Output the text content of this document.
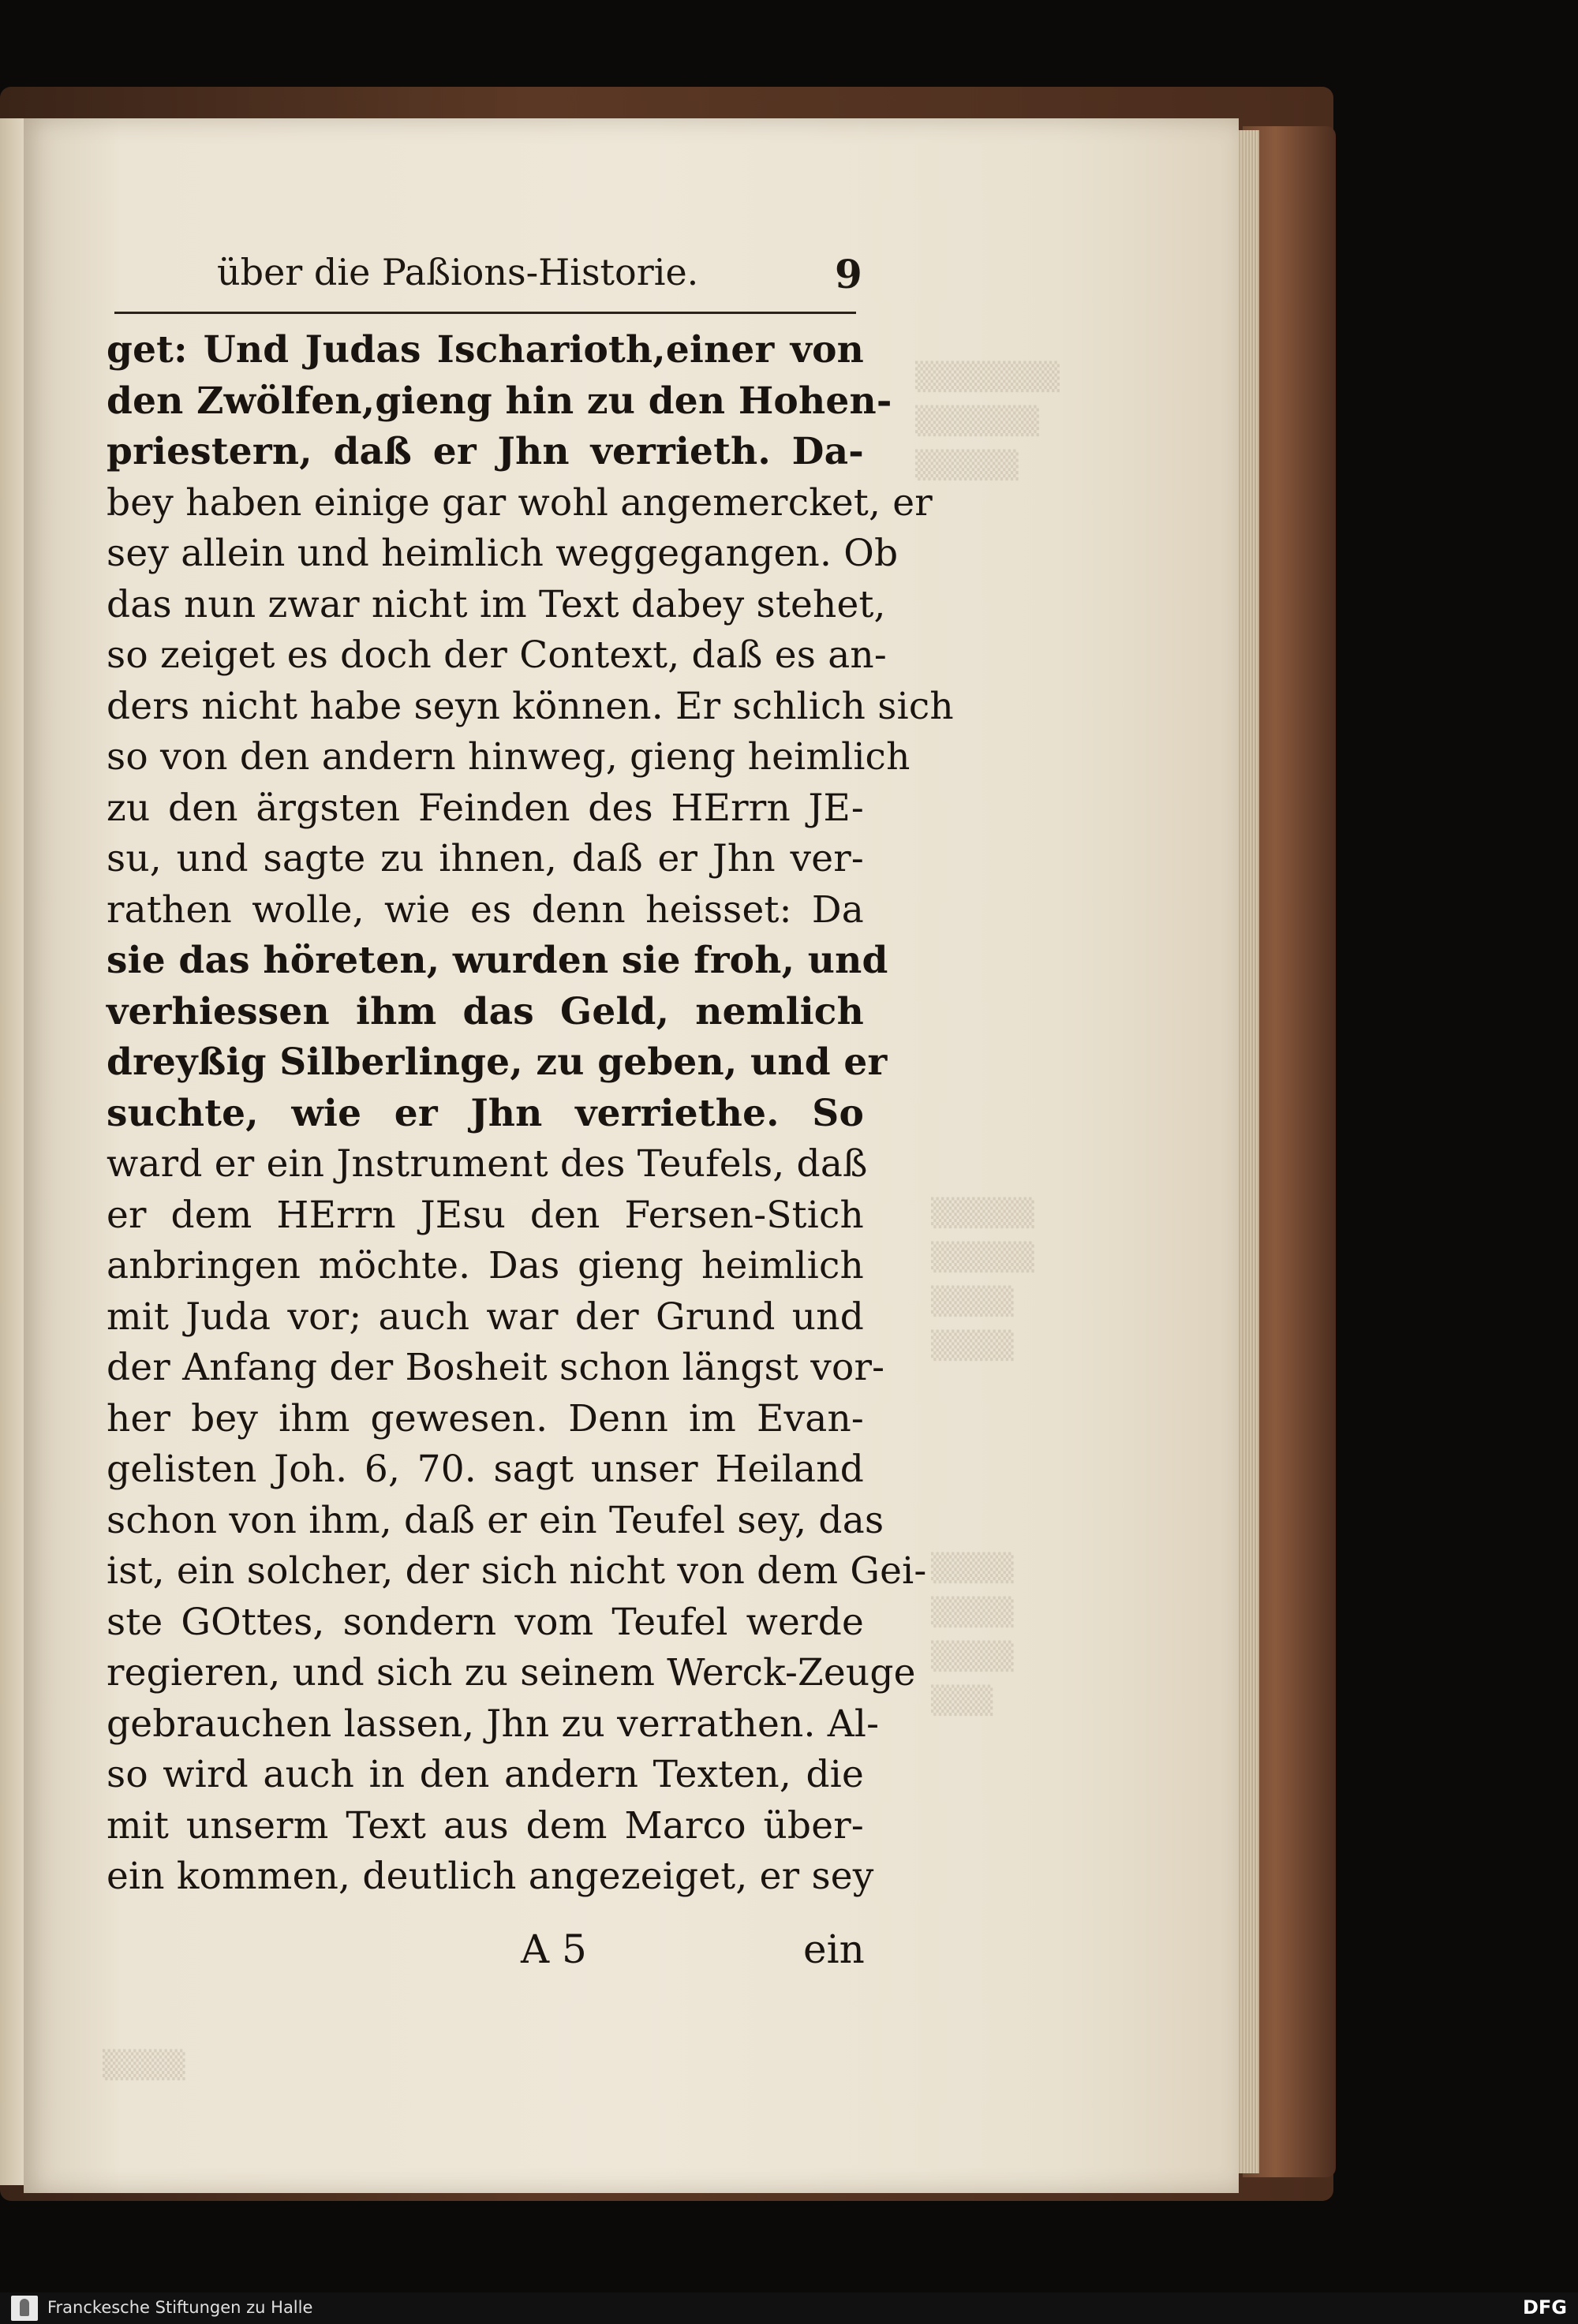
▒▒▒▒▒▒▒
▒▒▒▒▒▒
▒▒▒▒▒
▒▒▒▒▒
▒▒▒▒▒
▒▒▒▒
▒▒▒▒
▒▒▒▒
▒▒▒▒
▒▒▒▒
▒▒▒
▒▒▒▒
über die Paßions-Historie.	9
get: Und Judas Ischarioth,einer von
den Zwölfen,gieng hin zu den Hohen-
priestern, daß er Jhn verrieth. Da-
bey haben einige gar wohl angemercket, er
sey allein und heimlich weggegangen. Ob
das nun zwar nicht im Text dabey stehet,
so zeiget es doch der Context, daß es an-
ders nicht habe seyn können. Er schlich sich
so von den andern hinweg, gieng heimlich
zu den ärgsten Feinden des HErrn JE-
su, und sagte zu ihnen, daß er Jhn ver-
rathen wolle, wie es denn heisset: Da
sie das höreten, wurden sie froh, und
verhiessen ihm das Geld, nemlich
dreyßig Silberlinge, zu geben, und er
suchte, wie er Jhn verriethe. So
ward er ein Jnstrument des Teufels, daß
er dem HErrn JEsu den Fersen-Stich
anbringen möchte. Das gieng heimlich
mit Juda vor; auch war der Grund und
der Anfang der Bosheit schon längst vor-
her bey ihm gewesen. Denn im Evan-
gelisten Joh. 6, 70. sagt unser Heiland
schon von ihm, daß er ein Teufel sey, das
ist, ein solcher, der sich nicht von dem Gei-
ste GOttes, sondern vom Teufel werde
regieren, und sich zu seinem Werck-Zeuge
gebrauchen lassen, Jhn zu verrathen. Al-
so wird auch in den andern Texten, die
mit unserm Text aus dem Marco über-
ein kommen, deutlich angezeiget, er sey
A 5	ein
Franckesche Stiftungen zu Halle	DFG
